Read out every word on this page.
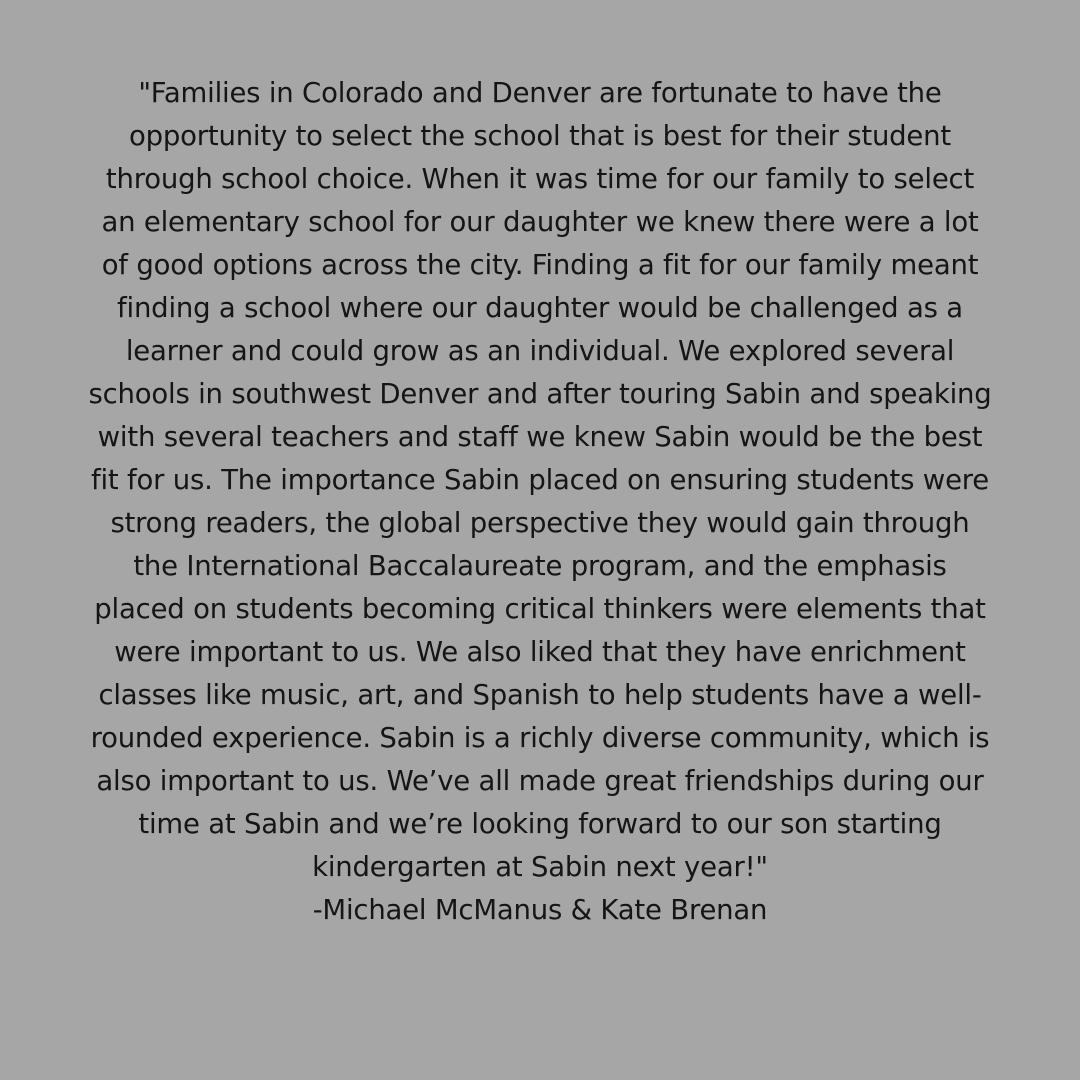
"Families in Colorado and Denver are fortunate to have the
opportunity to select the school that is best for their student
through school choice. When it was time for our family to select
an elementary school for our daughter we knew there were a lot
of good options across the city. Finding a fit for our family meant
finding a school where our daughter would be challenged as a
learner and could grow as an individual. We explored several
schools in southwest Denver and after touring Sabin and speaking
with several teachers and staff we knew Sabin would be the best
fit for us. The importance Sabin placed on ensuring students were
strong readers, the global perspective they would gain through
the International Baccalaureate program, and the emphasis
placed on students becoming critical thinkers were elements that
were important to us. We also liked that they have enrichment
classes like music, art, and Spanish to help students have a well-
rounded experience. Sabin is a richly diverse community, which is
also important to us. We’ve all made great friendships during our
time at Sabin and we’re looking forward to our son starting
kindergarten at Sabin next year!"
-Michael McManus & Kate Brenan
